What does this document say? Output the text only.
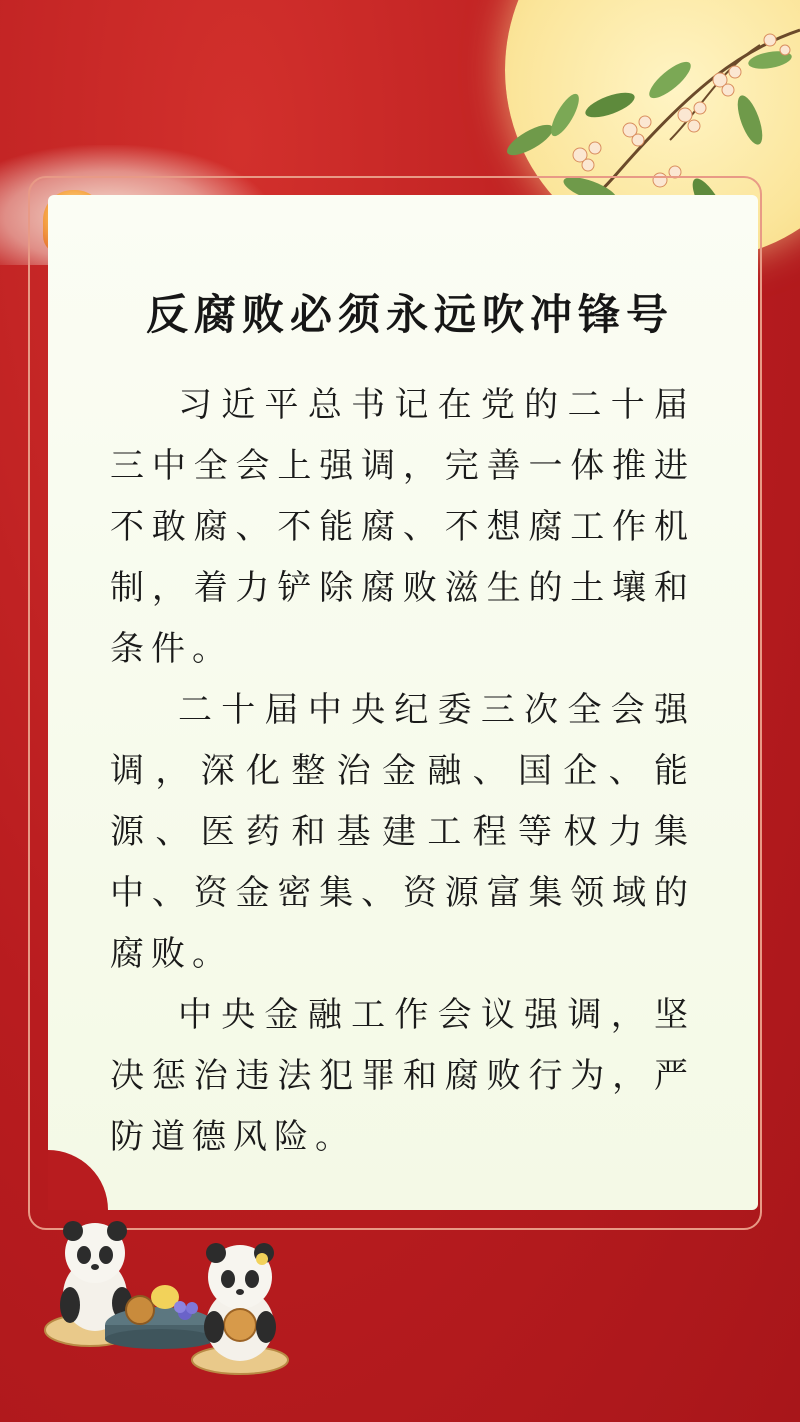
反腐败必须永远吹冲锋号

习近平总书记在党的二十届三中全会上强调，完善一体推进不敢腐、不能腐、不想腐工作机制，着力铲除腐败滋生的土壤和条件。

二十届中央纪委三次全会强调，深化整治金融、国企、能源、医药和基建工程等权力集中、资金密集、资源富集领域的腐败。

中央金融工作会议强调，坚决惩治违法犯罪和腐败行为，严防道德风险。
